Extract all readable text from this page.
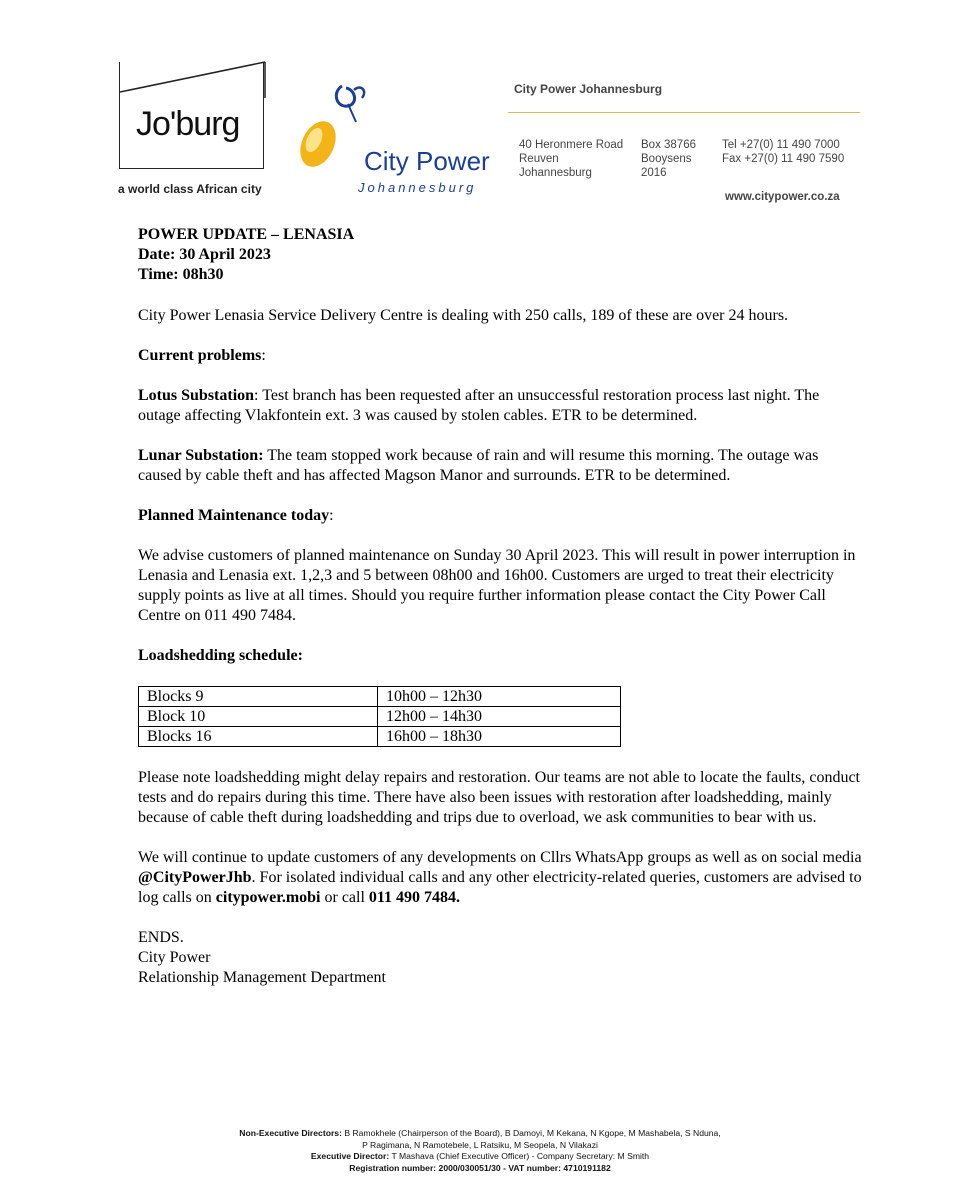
Jo'burg
a world class African city
City Power
Johannesburg
City Power Johannesburg
40 Heronmere Road
Reuven
Johannesburg
Box 38766
Booysens
2016
Tel +27(0) 11 490 7000
Fax +27(0) 11 490 7590
www.citypower.co.za
POWER UPDATE – LENASIA
Date: 30 April 2023
Time: 08h30

City Power Lenasia Service Delivery Centre is dealing with 250 calls, 189 of these are over 24 hours.

Current problems:

Lotus Substation: Test branch has been requested after an unsuccessful restoration process last night. The outage affecting Vlakfontein ext. 3 was caused by stolen cables. ETR to be determined.

Lunar Substation: The team stopped work because of rain and will resume this morning. The outage was caused by cable theft and has affected Magson Manor and surrounds. ETR to be determined.

Planned Maintenance today:

We advise customers of planned maintenance on Sunday 30 April 2023. This will result in power interruption in Lenasia and Lenasia ext. 1,2,3 and 5 between 08h00 and 16h00. Customers are urged to treat their electricity supply points as live at all times. Should you require further information please contact the City Power Call Centre on 011 490 7484.

Loadshedding schedule:

Blocks 9	10h00 – 12h30
Block 10	12h00 – 14h30
Blocks 16	16h00 – 18h30

Please note loadshedding might delay repairs and restoration. Our teams are not able to locate the faults, conduct tests and do repairs during this time. There have also been issues with restoration after loadshedding, mainly because of cable theft during loadshedding and trips due to overload, we ask communities to bear with us.

We will continue to update customers of any developments on Cllrs WhatsApp groups as well as on social media @CityPowerJhb. For isolated individual calls and any other electricity-related queries, customers are advised to log calls on citypower.mobi or call 011 490 7484.

ENDS.
City Power
Relationship Management Department
Non-Executive Directors: B Ramokhele (Chairperson of the Board), B Damoyi, M Kekana, N Kgope, M Mashabela, S Nduna,
P Ragimana, N Ramotebele, L Ratsiku, M Seopela, N Vilakazi
Executive Director: T Mashava (Chief Executive Officer) - Company Secretary: M Smith
Registration number: 2000/030051/30 - VAT number: 4710191182
